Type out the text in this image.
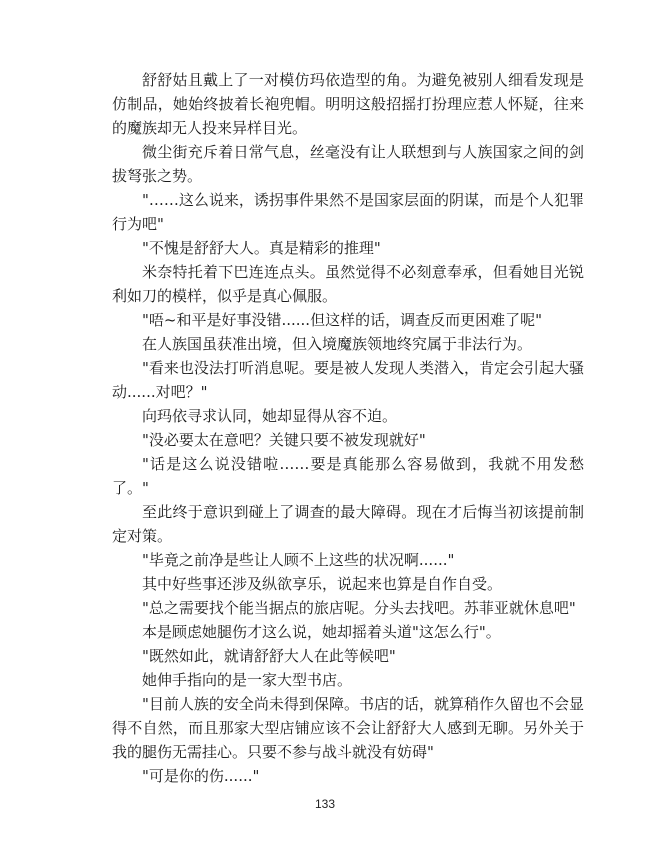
舒舒姑且戴上了一对模仿玛依造型的角。为避免被别人细看发现是仿制品，她始终披着长袍兜帽。明明这般招摇打扮理应惹人怀疑，往来的魔族却无人投来异样目光。

微尘街充斥着日常气息，丝毫没有让人联想到与人族国家之间的剑拔弩张之势。

"……这么说来，诱拐事件果然不是国家层面的阴谋，而是个人犯罪行为吧"

"不愧是舒舒大人。真是精彩的推理"

米奈特托着下巴连连点头。虽然觉得不必刻意奉承，但看她目光锐利如刀的模样，似乎是真心佩服。

"唔~和平是好事没错......但这样的话，调查反而更困难了呢"

在人族国虽获准出境，但入境魔族领地终究属于非法行为。

"看来也没法打听消息呢。要是被人发现人类潜入，肯定会引起大骚动......对吧？"

向玛依寻求认同，她却显得从容不迫。

"没必要太在意吧？关键只要不被发现就好"

"话是这么说没错啦……要是真能那么容易做到，我就不用发愁了。"

至此终于意识到碰上了调查的最大障碍。现在才后悔当初该提前制定对策。

"毕竟之前净是些让人顾不上这些的状况啊......"

其中好些事还涉及纵欲享乐，说起来也算是自作自受。

"总之需要找个能当据点的旅店呢。分头去找吧。苏菲亚就休息吧"

本是顾虑她腿伤才这么说，她却摇着头道"这怎么行"。

"既然如此，就请舒舒大人在此等候吧"

她伸手指向的是一家大型书店。

"目前人族的安全尚未得到保障。书店的话，就算稍作久留也不会显得不自然，而且那家大型店铺应该不会让舒舒大人感到无聊。另外关于我的腿伤无需挂心。只要不参与战斗就没有妨碍"

"可是你的伤......"

133
